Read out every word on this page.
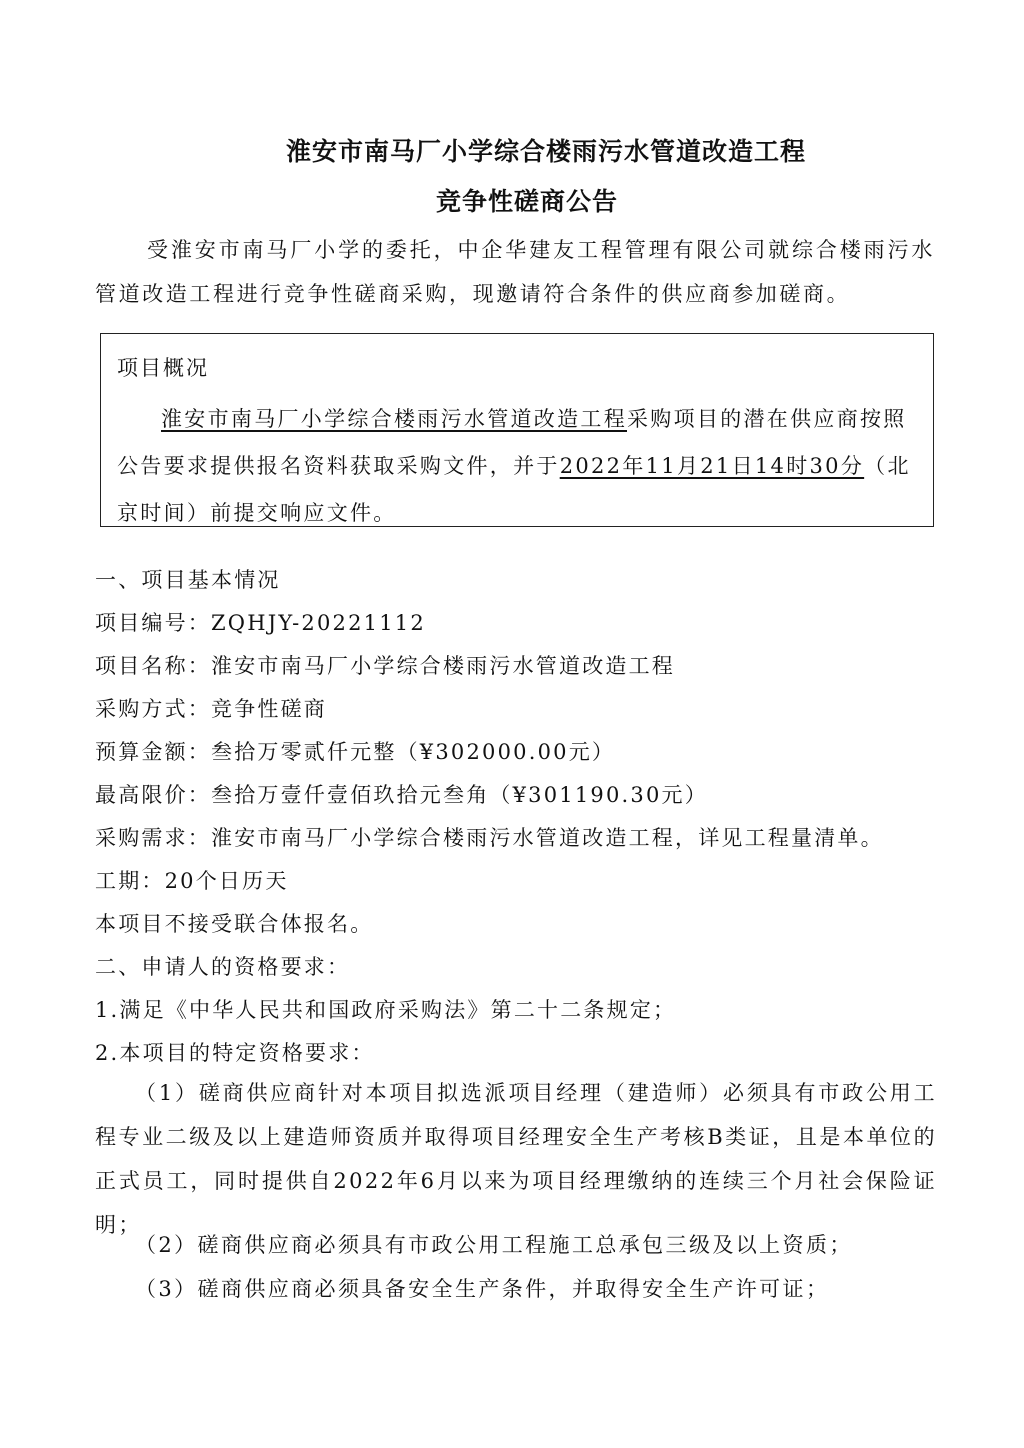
淮安市南马厂小学综合楼雨污水管道改造工程
竞争性磋商公告
受淮安市南马厂小学的委托，中企华建友工程管理有限公司就综合楼雨污水管道改造工程进行竞争性磋商采购，现邀请符合条件的供应商参加磋商。
项目概况
淮安市南马厂小学综合楼雨污水管道改造工程采购项目的潜在供应商按照公告要求提供报名资料获取采购文件，并于2022年11月21日14时30分（北京时间）前提交响应文件。
一、项目基本情况
项目编号：ZQHJY-20221112
项目名称：淮安市南马厂小学综合楼雨污水管道改造工程
采购方式：竞争性磋商
预算金额：叁拾万零贰仟元整（¥302000.00元）
最高限价：叁拾万壹仟壹佰玖拾元叁角（¥301190.30元）
采购需求：淮安市南马厂小学综合楼雨污水管道改造工程，详见工程量清单。
工期：20个日历天
本项目不接受联合体报名。
二、申请人的资格要求：
1.满足《中华人民共和国政府采购法》第二十二条规定；
2.本项目的特定资格要求：
（1）磋商供应商针对本项目拟选派项目经理（建造师）必须具有市政公用工程专业二级及以上建造师资质并取得项目经理安全生产考核B类证，且是本单位的正式员工，同时提供自2022年6月以来为项目经理缴纳的连续三个月社会保险证明；
（2）磋商供应商必须具有市政公用工程施工总承包三级及以上资质；
（3）磋商供应商必须具备安全生产条件，并取得安全生产许可证；
